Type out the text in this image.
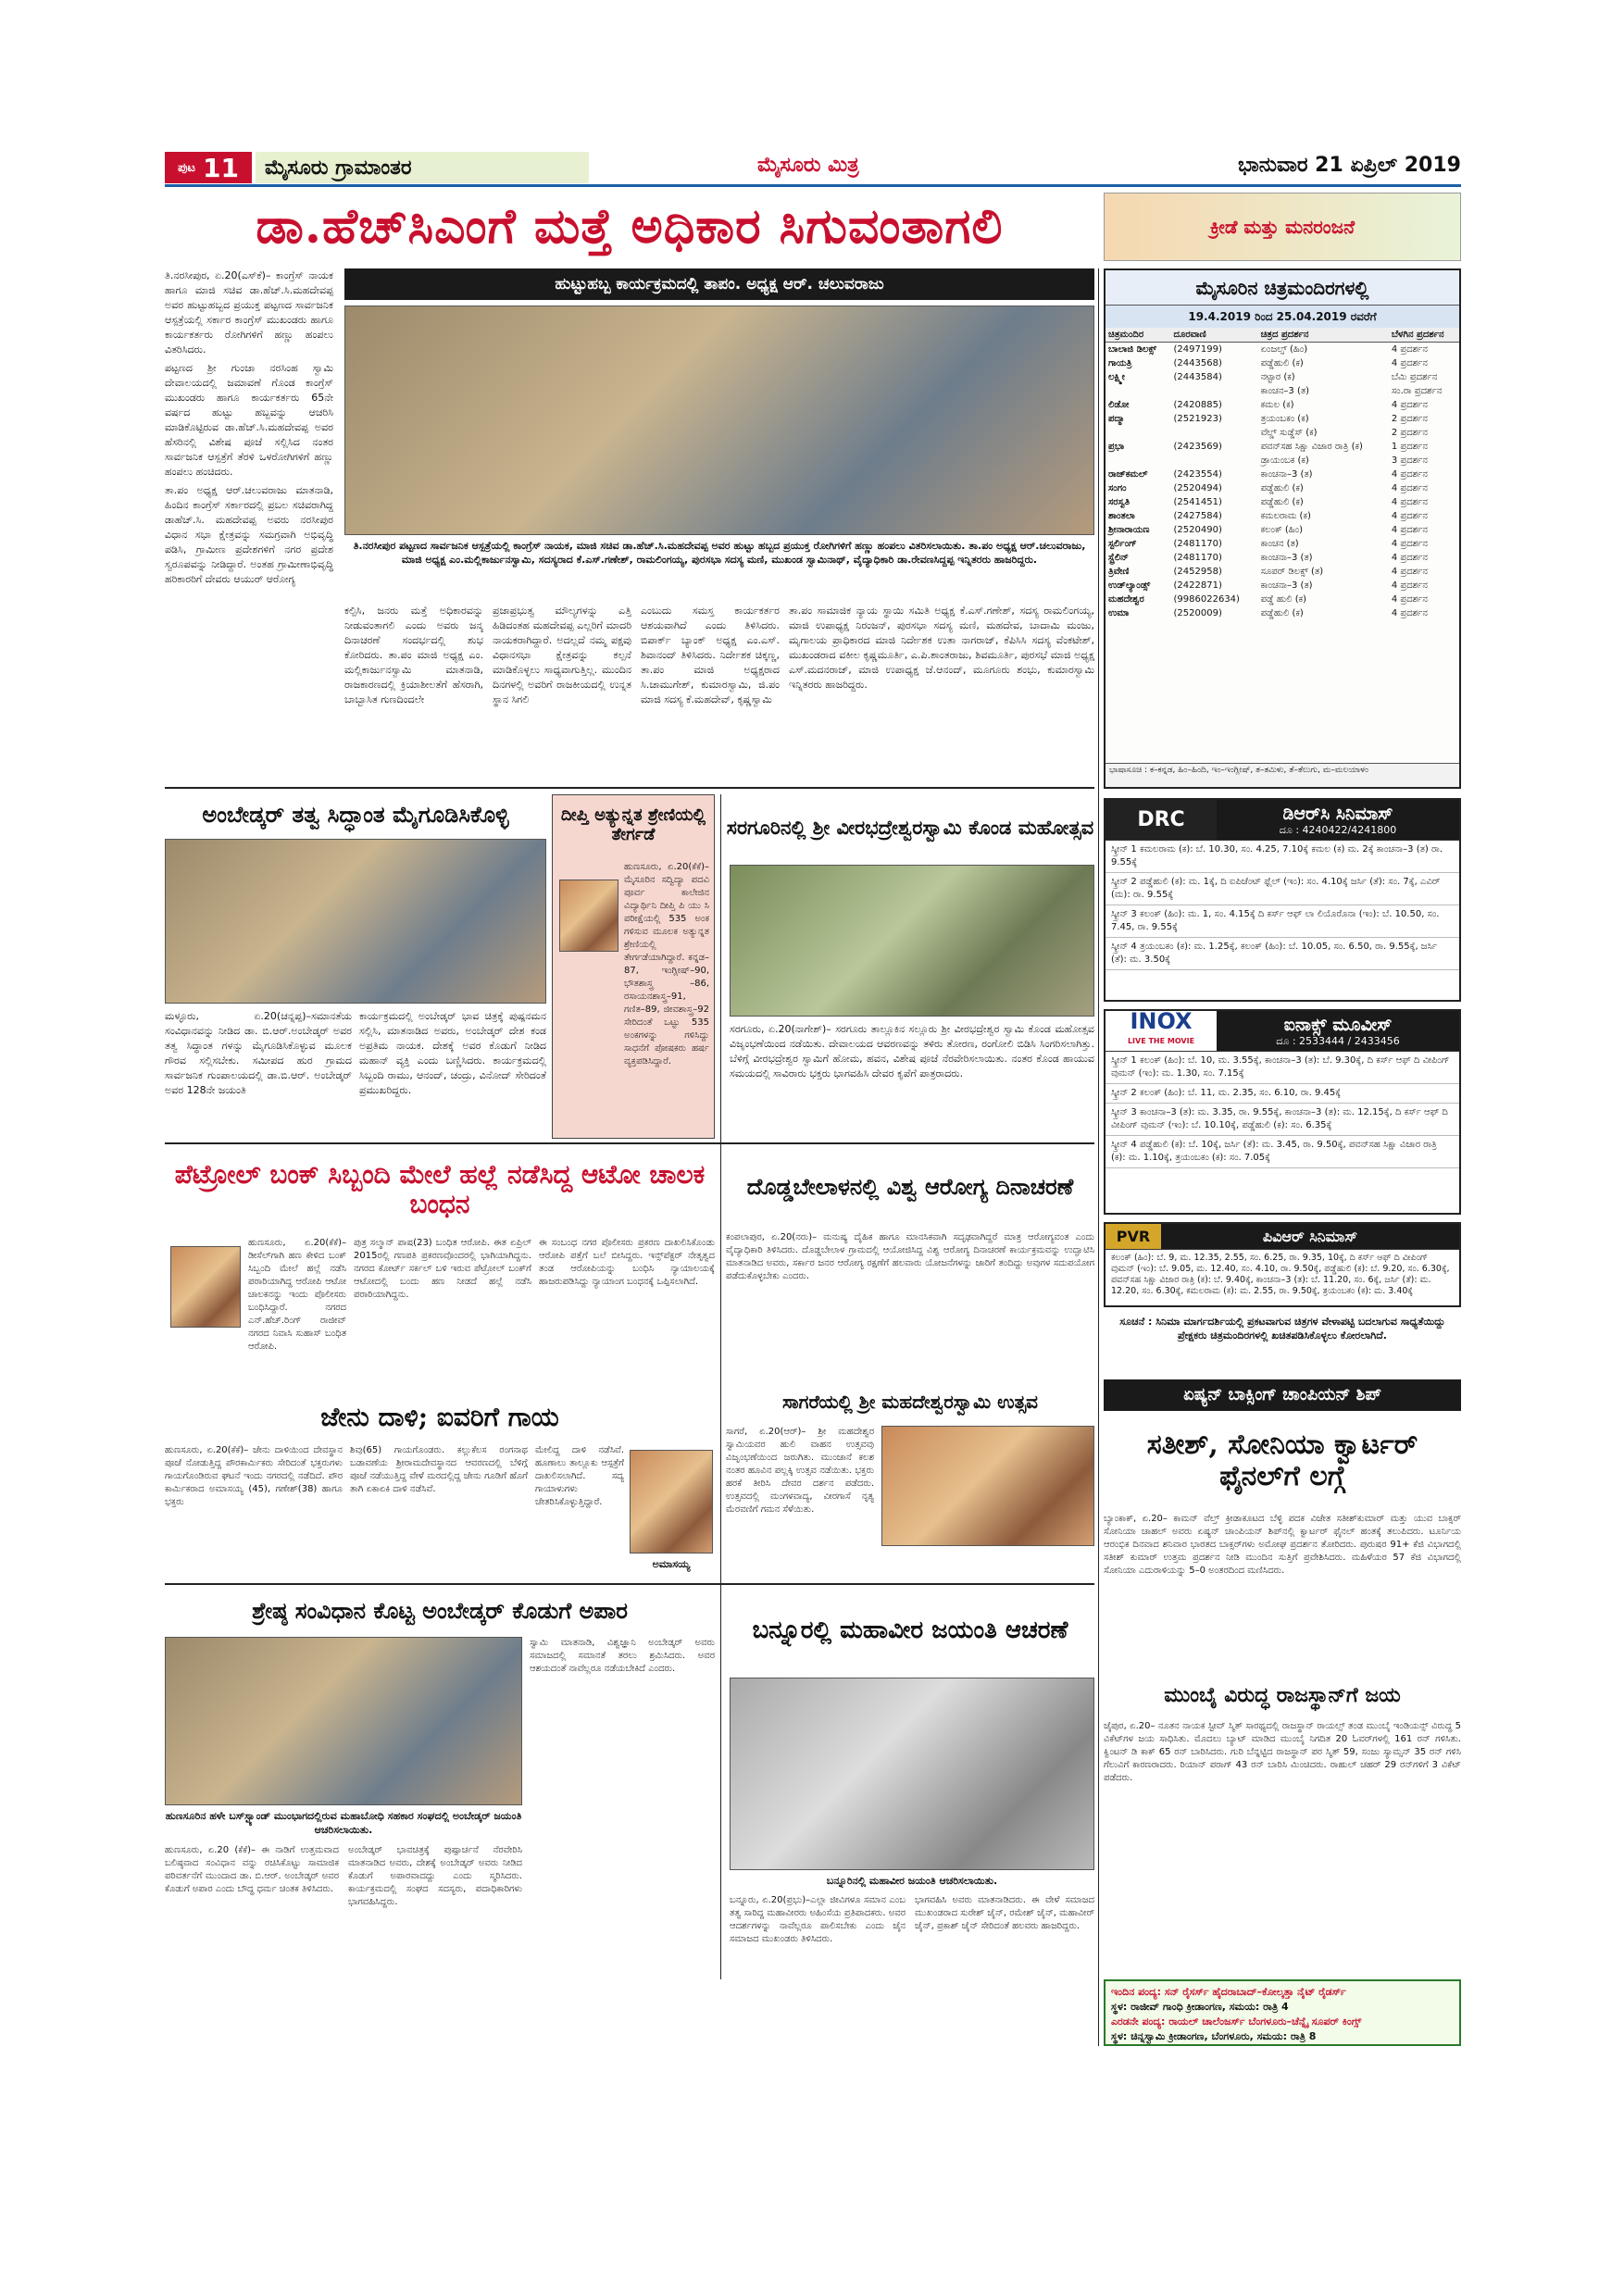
ಪುಟ 11	ಮೈಸೂರು ಗ್ರಾಮಾಂತರ	ಮೈಸೂರು ಮಿತ್ರ	ಭಾನುವಾರ 21 ಏಪ್ರಿಲ್ 2019
ಡಾ.ಹೆಚ್‌ಸಿಎಂಗೆ ಮತ್ತೆ ಅಧಿಕಾರ ಸಿಗುವಂತಾಗಲಿ	ಕ್ರೀಡೆ ಮತ್ತು ಮನರಂಜನೆ

ತಿ.ನರಸೀಪುರ, ಏ.20(ಎಸ್‌ಕೆ)– ಕಾಂಗ್ರೆಸ್ ನಾಯಕ ಹಾಗೂ ಮಾಜಿ ಸಚಿವ ಡಾ.ಹೆಚ್.ಸಿ.ಮಹದೇವಪ್ಪ ಅವರ ಹುಟ್ಟುಹಬ್ಬದ ಪ್ರಯುಕ್ತ ಪಟ್ಟಣದ ಸಾರ್ವಜನಿಕ ಆಸ್ಪತ್ರೆಯಲ್ಲಿ ಸರ್ಕಾರ ಕಾಂಗ್ರೆಸ್ ಮುಖಂಡರು ಹಾಗೂ ಕಾರ್ಯಕರ್ತರು ರೋಗಿಗಳಿಗೆ ಹಣ್ಣು ಹಂಪಲು ವಿತರಿಸಿದರು.

ಪಟ್ಟಣದ ಶ್ರೀ ಗುಂಜಾ ನರಸಿಂಹ ಸ್ವಾಮಿ ದೇವಾಲಯದಲ್ಲಿ ಜಮಾವಣೆ ಗೊಂಡ ಕಾಂಗ್ರೆಸ್ ಮುಖಂಡರು ಹಾಗೂ ಕಾರ್ಯಕರ್ತರು 65ನೇ ವರ್ಷದ ಹುಟ್ಟು ಹಬ್ಬವನ್ನು ಆಚರಿಸಿ ಮಾಡಿಕೊಟ್ಟಿರುವ ಡಾ.ಹೆಚ್.ಸಿ.ಮಹದೇವಪ್ಪ ಅವರ ಹೆಸರಿನಲ್ಲಿ ವಿಶೇಷ ಪೂಜೆ ಸಲ್ಲಿಸಿದ ನಂತರ ಸಾರ್ವಜನಿಕ ಆಸ್ಪತ್ರೆಗೆ ತೆರಳಿ ಒಳರೋಗಿಗಳಿಗೆ ಹಣ್ಣು ಹಂಪಲು ಹಂಚಿದರು.

ತಾ.ಪಂ ಅಧ್ಯಕ್ಷ ಆರ್.ಚಲುವರಾಜು ಮಾತನಾಡಿ, ಹಿಂದಿನ ಕಾಂಗ್ರೆಸ್ ಸರ್ಕಾರದಲ್ಲಿ ಪ್ರಬಲ ಸಚಿವರಾಗಿದ್ದ ಡಾಹೆಚ್.ಸಿ. ಮಹದೇವಪ್ಪ ಅವರು ನರಸೀಪುರ ವಿಧಾನ ಸಭಾ ಕ್ಷೇತ್ರವನ್ನು ಸಮಗ್ರವಾಗಿ ಅಭಿವೃದ್ಧಿ ಪಡಿಸಿ, ಗ್ರಾಮೀಣ ಪ್ರದೇಶಗಳಿಗೆ ನಗರ ಪ್ರದೇಶ ಸ್ವರೂಪವನ್ನು ನೀಡಿದ್ದಾರೆ. ಅಂತಹ ಗ್ರಾಮೀಣಾಭಿವೃದ್ಧಿ ಹರಿಕಾರರಿಗೆ ದೇವರು ಆಯುರ್ ಆರೋಗ್ಯ

ಹುಟ್ಟುಹಬ್ಬ ಕಾರ್ಯಕ್ರಮದಲ್ಲಿ ತಾಪಂ. ಅಧ್ಯಕ್ಷ ಆರ್. ಚಲುವರಾಜು
ತಿ.ನರಸೀಪುರ ಪಟ್ಟಣದ ಸಾರ್ವಜನಿಕ ಆಸ್ಪತ್ರೆಯಲ್ಲಿ ಕಾಂಗ್ರೆಸ್ ನಾಯಕ, ಮಾಜಿ ಸಚಿವ ಡಾ.ಹೆಚ್.ಸಿ.ಮಹದೇವಪ್ಪ ಅವರ ಹುಟ್ಟು ಹಬ್ಬದ ಪ್ರಯುಕ್ತ ರೋಗಿಗಳಿಗೆ ಹಣ್ಣು ಹಂಪಲು ವಿತರಿಸಲಾಯಿತು. ತಾ.ಪಂ ಅಧ್ಯಕ್ಷ ಆರ್.ಚಲುವರಾಜು, ಮಾಜಿ ಅಧ್ಯಕ್ಷ ಎಂ.ಮಲ್ಲಿಕಾರ್ಜುನಸ್ವಾಮಿ, ಸದಸ್ಯರಾದ ಕೆ.ಎಸ್.ಗಣೇಶ್, ರಾಮಲಿಂಗಯ್ಯ, ಪುರಸಭಾ ಸದಸ್ಯ ಮಣಿ, ಮುಖಂಡ ಸ್ವಾಮಿನಾಥ್, ವೈದ್ಯಾಧಿಕಾರಿ ಡಾ.ರೇವಣಸಿದ್ದಪ್ಪ ಇನ್ನಿತರರು ಹಾಜರಿದ್ದರು.
ಕಲ್ಪಿಸಿ, ಜನರು ಮತ್ತೆ ಅಧಿಕಾರವನ್ನು ನೀಡುವಂತಾಗಲಿ ಎಂದು ಅವರು ಜನ್ಮ ದಿನಾಚರಣೆ ಸಂದರ್ಭದಲ್ಲಿ ಶುಭ ಕೋರಿದರು. ತಾ.ಪಂ ಮಾಜಿ ಅಧ್ಯಕ್ಷ ಎಂ. ಮಲ್ಲಿಕಾರ್ಜುನಸ್ವಾಮಿ ಮಾತನಾಡಿ, ರಾಜಕಾರಣದಲ್ಲಿ ಕ್ರಿಯಾಶೀಲತೆಗೆ ಹೆಸರಾಗಿ, ಬಾಬ್ಬಾಸಿತ ಗುಣದಿಂದಲೇ
ಪ್ರಜಾಪ್ರಭುತ್ವ ಮೌಲ್ಯಗಳನ್ನು ಎತ್ತಿ ಹಿಡಿದಂತಹ ಮಹದೇವಪ್ಪ ಎಲ್ಲರಿಗೆ ಮಾದರಿ ನಾಯಕರಾಗಿದ್ದಾರೆ. ಅದಲ್ಲದೆ ನಮ್ಮ ಪಕ್ಷವು ವಿಧಾನಸಭಾ ಕ್ಷೇತ್ರವನ್ನು ಕಲ್ಪನೆ ಮಾಡಿಕೊಳ್ಳಲು ಸಾಧ್ಯವಾಗುತ್ತಿಲ್ಲ. ಮುಂದಿನ ದಿನಗಳಲ್ಲಿ ಅವರಿಗೆ ರಾಜಕೀಯದಲ್ಲಿ ಉನ್ನತ ಸ್ಥಾನ ಸಿಗಲಿ
ಎಂಬುದು ಸಮಸ್ತ ಕಾರ್ಯಕರ್ತರ ಆಶಯವಾಗಿದೆ ಎಂದು ತಿಳಿಸಿದರು. ಬಿಪಾರ್ಕ್ ಬ್ಯಾಂಕ್ ಅಧ್ಯಕ್ಷ ಎಂ.ಎಸ್. ಶಿವಾನಂದ್ ತಿಳಿಸಿದರು. ನಿರ್ದೇಶಕ ಚಿಕ್ಕಣ್ಣ, ತಾ.ಪಂ ಮಾಜಿ ಅಧ್ಯಕ್ಷರಾದ ಸಿ.ಚಾಮುಗೇಶ್, ಕುಮಾರಸ್ವಾಮಿ, ಜಿ.ಪಂ ಮಾಜಿ ಸದಸ್ಯ ಕೆ.ಮಹದೇವ್, ಕೃಷ್ಣಸ್ವಾಮಿ
ತಾ.ಪಂ ಸಾಮಾಜಿಕ ನ್ಯಾಯ ಸ್ಥಾಯಿ ಸಮಿತಿ ಅಧ್ಯಕ್ಷ ಕೆ.ಎಸ್.ಗಣೇಶ್, ಸದಸ್ಯ ರಾಮಲಿಂಗಯ್ಯ, ಮಾಜಿ ಉಪಾಧ್ಯಕ್ಷ ನಿರಂಜನ್, ಪುರಸಭಾ ಸದಸ್ಯ ಮಣಿ, ಮಹದೇವ, ಬಾದಾಮಿ ಮಂಜು, ಮೃಗಾಲಯ ಪ್ರಾಧಿಕಾರದ ಮಾಜಿ ನಿರ್ದೇಶಕ ಉತಾ ನಾಗರಾಜ್, ಕೆಪಿಸಿಸಿ ಸದಸ್ಯ ವೆಂಕಟೇಶ್, ಮುಖಂಡರಾದ ವಕೀಲ ಕೃಷ್ಣಮೂರ್ತಿ, ಎ.ಪಿ.ಶಾಂತರಾಜು, ಶಿವಮೂರ್ತಿ, ಪುರಸಭೆ ಮಾಜಿ ಅಧ್ಯಕ್ಷ ಎಸ್.ಮದನರಾಜ್, ಮಾಜಿ ಉಪಾಧ್ಯಕ್ಷ ಜೆ.ಆನಂದ್, ಮೂಗೂರು ಶಂಭು, ಕುಮಾರಸ್ವಾಮಿ ಇನ್ನಿತರರು ಹಾಜರಿದ್ದರು.
ಮೈಸೂರಿನ ಚಿತ್ರಮಂದಿರಗಳಲ್ಲಿ
19.4.2019 ರಿಂದ 25.04.2019 ರವರೆಗೆ
ಚಿತ್ರಮಂದಿರ	ದೂರವಾಣಿ	ಚಿತ್ರದ ಪ್ರದರ್ಶನ	ಬೆಳಗಿನ ಪ್ರದರ್ಶನ
ಬಾಲಾಜಿ ಡಿಲಕ್ಸ್	(2497199)	ಏಂಜಲ್ಸ್ (ಹಿಂ)	4 ಪ್ರದರ್ಶನ
ಗಾಯತ್ರಿ	(2443568)	ಪಡ್ಡೆಹುಲಿ (ಕ)	4 ಪ್ರದರ್ಶನ
ಲಕ್ಷ್ಮೀ	(2443584)	ನಟ್ಟಾರ (ಕ)	ಬೆಮಿ ಪ್ರದರ್ಶನ
		ಕಾಂಚನ–3 (ತ)	ಸಂ.ರಾ ಪ್ರದರ್ಶನ
ಲಿಡೋ	(2420885)	ಕಮಲ (ಕ)	4 ಪ್ರದರ್ಶನ
ಪದ್ಮಾ	(2521923)	ತ್ರಯಂಬಕಂ (ಕ)	2 ಪ್ರದರ್ಶನ
		ವೆಲ್ಡ್ ಸುಡ್ಡೆಸ್ (ಕ)	2 ಪ್ರದರ್ಶನ
ಪ್ರಭಾ	(2423569)	ಪವನ್‌ಸಹ ಸಿಕ್ಷಾ ವಿಜಾರ ರಾತ್ರಿ (ಕ)	1 ಪ್ರದರ್ಶನ
		ಡ್ರಾಯಂಬಕ (ಕ)	3 ಪ್ರದರ್ಶನ
ರಾಜ್‌ಕಮಲ್	(2423554)	ಕಾಂಚನಾ–3 (ತ)	4 ಪ್ರದರ್ಶನ
ಸಂಗಂ	(2520494)	ಪಡ್ಡೆಹುಲಿ (ಕ)	4 ಪ್ರದರ್ಶನ
ಸರಸ್ವತಿ	(2541451)	ಪಡ್ಡೆಹುಲಿ (ಕ)	4 ಪ್ರದರ್ಶನ
ಶಾಂತಲಾ	(2427584)	ಕಮಲರಾಮ (ಕ)	4 ಪ್ರದರ್ಶನ
ಶ್ರೀನಾರಾಯಣ	(2520490)	ಕಲಂಕ್ (ಹಿಂ)	4 ಪ್ರದರ್ಶನ
ಸ್ಟರ್ಲಿಂಗ್	(2481170)	ಕಾಂಚನ (ತ)	4 ಪ್ರದರ್ಶನ
ಸ್ಟ್ರೆಲಿನ್	(2481170)	ಕಾಂಚನಾ–3 (ತ)	4 ಪ್ರದರ್ಶನ
ತ್ರಿವೇಣಿ	(2452958)	ಸೂಪರ್ ಡಿಲಕ್ಸ್ (ತ)	4 ಪ್ರದರ್ಶನ
ಉಡ್‌ಲ್ಯಾಂಡ್ಸ್	(2422871)	ಕಾಂಚನಾ–3 (ತ)	4 ಪ್ರದರ್ಶನ
ಮಹದೇಶ್ವರ	(9986022634)	ಪಡ್ಡೆ ಹುಲಿ (ಕ)	4 ಪ್ರದರ್ಶನ
ಉಮಾ	(2520009)	ಪಡ್ಡೆಹುಲಿ (ಕ)	4 ಪ್ರದರ್ಶನ
ಭಾಷಾಸೂಚಿ : ಕ–ಕನ್ನಡ, ಹಿಂ–ಹಿಂದಿ, ಇಂ–ಇಂಗ್ಲೀಷ್, ತ–ತಮಿಳು, ತೆ–ತೆಲುಗು, ಮ–ಮಲಯಾಳಂ
ಅಂಬೇಡ್ಕರ್ ತತ್ವ ಸಿದ್ಧಾಂತ ಮೈಗೂಡಿಸಿಕೊಳ್ಳಿ
ಮಳ್ಳೂರು, ಏ.20(ಚನ್ನಪ್ಪ)–ಸಮಾನತೆಯ ಸಂವಿಧಾನವನ್ನು ನೀಡಿದ ಡಾ. ಬಿ.ಆರ್.ಅಂಬೇಡ್ಕರ್ ಅವರ ತತ್ವ ಸಿದ್ಧಾಂತ ಗಳನ್ನು ಮೈಗೂಡಿಸಿಕೊಳ್ಳುವ ಮೂಲಕ ಗೌರವ ಸಲ್ಲಿಸಬೇಕು. ಸಮೀಪದ ಹುರ ಗ್ರಾಮದ ಸಾರ್ವಜನಿಕ ಗುಂಪಾಲಯದಲ್ಲಿ ಡಾ.ಬಿ.ಆರ್. ಅಂಬೇಡ್ಕರ್ ಅವರ 128ನೇ ಜಯಂತಿ
ಕಾರ್ಯಕ್ರಮದಲ್ಲಿ ಅಂಬೇಡ್ಕರ್ ಭಾವ ಚಿತ್ರಕ್ಕೆ ಪುಷ್ಪನಮನ ಸಲ್ಲಿಸಿ, ಮಾತನಾಡಿದ ಅವರು, ಅಂಬೇಡ್ಕರ್ ದೇಶ ಕಂಡ ಅಪ್ರತಿಮ ನಾಯಕ. ದೇಶಕ್ಕೆ ಅವರ ಕೊಡುಗೆ ನೀಡಿದ ಮಹಾನ್ ವ್ಯಕ್ತಿ ಎಂದು ಬಣ್ಣಿಸಿದರು. ಕಾರ್ಯಕ್ರಮದಲ್ಲಿ ಸಿಬ್ಬಂದಿ ರಾಮು, ಆನಂದ್, ಚಂದ್ರು, ವಿನೋದ್ ಸೇರಿದಂತೆ ಪ್ರಮುಖರಿದ್ದರು.
ದೀಪ್ತಿ ಅತ್ಯುನ್ನತ ಶ್ರೇಣಿಯಲ್ಲಿ ತೇರ್ಗಡೆ
ಹುಣಸೂರು, ಏ.20(ಕೆಕೆ)– ಮೈಸೂರಿನ ಸದ್ವಿದ್ಯಾ ಪದವಿ ಪೂರ್ವ ಕಾಲೇಜಿನ ವಿದ್ಯಾರ್ಥಿನಿ ದೀಪ್ತಿ ಪಿ ಯು ಸಿ ಪರೀಕ್ಷೆಯಲ್ಲಿ 535 ಅಂಕ ಗಳಿಸುವ ಮೂಲಕ ಅತ್ಯುನ್ನತ ಶ್ರೇಣಿಯಲ್ಲಿ ತೇರ್ಗಡೆಯಾಗಿದ್ದಾರೆ. ಕನ್ನಡ–87, ಇಂಗ್ಲೀಷ್–90, ಭೌತಶಾಸ್ತ್ರ –86, ರಸಾಯನಶಾಸ್ತ್ರ–91, ಗಣಿತ–89, ಜೀವಶಾಸ್ತ್ರ–92 ಸೇರಿದಂತೆ ಒಟ್ಟು 535 ಅಂಕಗಳನ್ನು ಗಳಿಸಿದ್ದು ಸಾಧನೆಗೆ ಪೋಷಕರು ಹರ್ಷ ವ್ಯಕ್ತಪಡಿಸಿದ್ದಾರೆ.
ಸರಗೂರಿನಲ್ಲಿ ಶ್ರೀ ವೀರಭದ್ರೇಶ್ವರಸ್ವಾಮಿ ಕೊಂಡ ಮಹೋತ್ಸವ
ಸರಗೂರು, ಏ.20(ನಾಗೇಶ್)– ಸರಗೂರು ತಾಲ್ಲೂಕಿನ ಸಲ್ಲೂರು ಶ್ರೀ ವೀರಭದ್ರೇಶ್ವರ ಸ್ವಾಮಿ ಕೊಂಡ ಮಹೋತ್ಸವ ವಿಜೃಂಭಣೆಯಿಂದ ನಡೆಯಿತು. ದೇವಾಲಯದ ಆವರಣವನ್ನು ತಳಿರು ತೋರಣ, ರಂಗೋಲಿ ಬಿಡಿಸಿ ಸಿಂಗರಿಸಲಾಗಿತ್ತು. ಬೆಳಿಗ್ಗೆ ವೀರಭದ್ರೇಶ್ವರ ಸ್ವಾಮಿಗೆ ಹೋಮ, ಹವನ, ವಿಶೇಷ ಪೂಜೆ ನೆರವೇರಿಸಲಾಯಿತು. ನಂತರ ಕೊಂಡ ಹಾಯುವ ಸಮಯದಲ್ಲಿ ಸಾವಿರಾರು ಭಕ್ತರು ಭಾಗವಹಿಸಿ ದೇವರ ಕೃಪೆಗೆ ಪಾತ್ರರಾದರು.
DRC	ಡಿಆರ್‌ಸಿ ಸಿನಿಮಾಸ್
ದೂ : 4240422/4241800
ಸ್ಕ್ರೀನ್ 1 ಕಮಲರಾಮ (ಕ): ಬೆ. 10.30, ಸಂ. 4.25, 7.10ಕ್ಕೆ ಕಮಲ (ಕ) ಮ. 2ಕ್ಕೆ ಕಾಂಚನಾ–3 (ತ) ರಾ. 9.55ಕ್ಕೆ
ಸ್ಕ್ರೀನ್ 2 ಪಡ್ಡೆಹುಲಿ (ಕ): ಮ. 1ಕ್ಕೆ, ದಿ ಐಪಿಜೆಂಟ್ ಫ್ಲೆಲ್ (ಇಂ): ಸಂ. 4.10ಕ್ಕೆ ಜರ್ಸಿ (ತೆ): ಸಂ. 7ಕ್ಕೆ, ಎವಿರ್ (ಮ): ರಾ. 9.55ಕ್ಕೆ
ಸ್ಕ್ರೀನ್ 3 ಕಲಂಕ್ (ಹಿಂ): ಮ. 1, ಸಂ. 4.15ಕ್ಕೆ ದಿ ಕರ್ಸ್ ಆಫ್ ಲಾ ಲಿಯೊರೊನಾ (ಇಂ): ಬೆ. 10.50, ಸಂ. 7.45, ರಾ. 9.55ಕ್ಕೆ
ಸ್ಕ್ರೀನ್ 4 ತ್ರಯಂಬಕಂ (ಕ): ಮ. 1.25ಕ್ಕೆ, ಕಲಂಕ್ (ಹಿಂ): ಬೆ. 10.05, ಸಂ. 6.50, ರಾ. 9.55ಕ್ಕೆ, ಜರ್ಸಿ (ತೆ): ಮ. 3.50ಕ್ಕೆ
INOX
LIVE THE MOVIE
ಐನಾಕ್ಸ್ ಮೂವೀಸ್
ದೂ : 2533444 / 2433456
ಸ್ಕ್ರೀನ್ 1 ಕಲಂಕ್ (ಹಿಂ): ಬೆ. 10, ಮ. 3.55ಕ್ಕೆ, ಕಾಂಚನಾ–3 (ತ): ಬೆ. 9.30ಕ್ಕೆ, ದಿ ಕರ್ಸ್ ಆಫ್ ದಿ ವೀಪಿಂಗ್ ವುಮನ್ (ಇಂ): ಮ. 1.30, ಸಂ. 7.15ಕ್ಕೆ
ಸ್ಕ್ರೀನ್ 2 ಕಲಂಕ್ (ಹಿಂ): ಬೆ. 11, ಮ. 2.35, ಸಂ. 6.10, ರಾ. 9.45ಕ್ಕೆ
ಸ್ಕ್ರೀನ್ 3 ಕಾಂಚನಾ–3 (ತ): ಮ. 3.35, ರಾ. 9.55ಕ್ಕೆ, ಕಾಂಚನಾ–3 (ತ): ಮ. 12.15ಕ್ಕೆ, ದಿ ಕರ್ಸ್ ಆಫ್ ದಿ ವೀಪಿಂಗ್ ವುಮನ್ (ಇಂ): ಬೆ. 10.10ಕ್ಕೆ, ಪಡ್ಡೆಹುಲಿ (ಕ): ಸಂ. 6.35ಕ್ಕೆ
ಸ್ಕ್ರೀನ್ 4 ಪಡ್ಡೆಹುಲಿ (ಕ): ಬೆ. 10ಕ್ಕೆ, ಜರ್ಸಿ (ತೆ): ಮ. 3.45, ರಾ. 9.50ಕ್ಕೆ, ಪವನ್‌ಸಹ ಸಿಕ್ಷಾ ವಿಜಾರ ರಾತ್ರಿ (ಕ): ಮ. 1.10ಕ್ಕೆ, ತ್ರಯಂಬಕಂ (ಕ): ಸಂ. 7.05ಕ್ಕೆ
PVR	ಪಿವಿಆರ್ ಸಿನಿಮಾಸ್
ಕಲಂಕ್ (ಹಿಂ): ಬೆ. 9, ಮ. 12.35, 2.55, ಸಂ. 6.25, ರಾ. 9.35, 10ಕ್ಕೆ, ದಿ ಕರ್ಸ್ ಆಫ್ ದಿ ವೀಪಿಂಗ್ ವುಮನ್ (ಇಂ): ಬೆ. 9.05, ಮ. 12.40, ಸಂ. 4.10, ರಾ. 9.50ಕ್ಕೆ, ಪಡ್ಡೆಹುಲಿ (ಕ): ಬೆ. 9.20, ಸಂ. 6.30ಕ್ಕೆ, ಪವನ್‌ಸಹ ಸಿಕ್ಷಾ ವಿಜಾರ ರಾತ್ರಿ (ಕ): ಬೆ. 9.40ಕ್ಕೆ, ಕಾಂಚನಾ–3 (ತ): ಬೆ. 11.20, ಸಂ. 6ಕ್ಕೆ, ಜರ್ಸಿ (ತೆ): ಮ. 12.20, ಸಂ. 6.30ಕ್ಕೆ, ಕಮಲರಾಮ (ಕ): ಮ. 2.55, ರಾ. 9.50ಕ್ಕೆ, ತ್ರಯಂಬಕಂ (ಕ): ಮ. 3.40ಕ್ಕೆ
ಸೂಚನೆ : ಸಿನಿಮಾ ಮಾರ್ಗದರ್ಶಿಯಲ್ಲಿ ಪ್ರಕಟವಾಗುವ ಚಿತ್ರಗಳ ವೇಳಾಪಟ್ಟಿ ಬದಲಾಗುವ ಸಾಧ್ಯತೆಯಿದ್ದು ಪ್ರೇಕ್ಷಕರು ಚಿತ್ರಮಂದಿರಗಳಲ್ಲಿ ಖಚಿತಪಡಿಸಿಕೊಳ್ಳಲು ಕೋರಲಾಗಿದೆ.
ಪೆಟ್ರೋಲ್ ಬಂಕ್ ಸಿಬ್ಬಂದಿ ಮೇಲೆ ಹಲ್ಲೆ ನಡೆಸಿದ್ದ ಆಟೋ ಚಾಲಕ ಬಂಧನ
ಹುಣಸೂರು, ಏ.20(ಕೆಕೆ)– ಡೀಸೆಲ್‌ಗಾಗಿ ಹಣ ಕೇಳಿದ ಬಂಕ್ ಸಿಬ್ಬಂದಿ ಮೇಲೆ ಹಲ್ಲೆ ನಡೆಸಿ ಪರಾರಿಯಾಗಿದ್ದ ಆರೋಪಿ ಆಟೋ ಚಾಲಕನನ್ನು ಇಂದು ಪೊಲೀಸರು ಬಂಧಿಸಿದ್ದಾರೆ. ನಗರದ ಎನ್.ಹೆಚ್.ರಿಂಗ್ ರಾಜೀವ್ ನಗರದ ನಿವಾಸಿ ಸುಹಾಸ್ ಬಂಧಿತ ಆರೋಪಿ.
ಪುತ್ರ ಸಲ್ಮಾನ್ ಪಾಷ(23) ಬಂಧಿತ ಆರೋಪಿ. ಈತ ಏಪ್ರಿಲ್ 2015ರಲ್ಲಿ ಗಣಪತಿ ಪ್ರಕರಣವೊಂದರಲ್ಲಿ ಭಾಗಿಯಾಗಿದ್ದನು. ನಗರದ ಕೋರ್ಟ್ ಸರ್ಕಲ್ ಬಳಿ ಇರುವ ಪೆಟ್ರೋಲ್ ಬಂಕ್‌ಗೆ ಆಟೋದಲ್ಲಿ ಬಂದು ಹಣ ನೀಡದೆ ಹಲ್ಲೆ ನಡೆಸಿ ಪರಾರಿಯಾಗಿದ್ದನು.
ಈ ಸಂಬಂಧ ನಗರ ಪೊಲೀಸರು ಪ್ರಕರಣ ದಾಖಲಿಸಿಕೊಂಡು ಆರೋಪಿ ಪತ್ತೆಗೆ ಬಲೆ ಬೀಸಿದ್ದರು. ಇನ್ಸ್‌ಪೆಕ್ಟರ್ ನೇತೃತ್ವದ ತಂಡ ಆರೋಪಿಯನ್ನು ಬಂಧಿಸಿ ನ್ಯಾಯಾಲಯಕ್ಕೆ ಹಾಜರುಪಡಿಸಿದ್ದು ನ್ಯಾಯಾಂಗ ಬಂಧನಕ್ಕೆ ಒಪ್ಪಿಸಲಾಗಿದೆ.
ಜೇನು ದಾಳಿ; ಐವರಿಗೆ ಗಾಯ
ಹುಣಸೂರು, ಏ.20(ಕೆಕೆ)– ಜೇನು ದಾಳಿಯಿಂದ ದೇವಸ್ಥಾನ ಪೂಜೆ ನೋಡುತ್ತಿದ್ದ ಪೌರಕಾರ್ಮಿಕರು ಸೇರಿದಂತೆ ಭಕ್ತರುಗಳು ಗಾಯಗೊಂಡಿರುವ ಘಟನೆ ಇಂದು ನಗರದಲ್ಲಿ ನಡೆದಿದೆ. ಪೌರ ಕಾರ್ಮಿಕರಾದ ಅಮಾಸಯ್ಯ (45), ಗಣೇಶ್(38) ಹಾಗೂ ಭಕ್ತರು
ಶಿವು(65) ಗಾಯಗೊಂಡರು. ಕಲ್ಲುಕೆಲಸ ರಂಗನಾಥ ಬಡಾವಣೆಯ ಶ್ರೀರಾಮದೇವಸ್ಥಾನದ ಆವರಣದಲ್ಲಿ ಬೆಳಿಗ್ಗೆ ಪೂಜೆ ನಡೆಯುತ್ತಿದ್ದ ವೇಳೆ ಮರದಲ್ಲಿದ್ದ ಜೇನು ಗೂಡಿಗೆ ಹೊಗೆ ತಾಗಿ ಏಕಾಏಕಿ ದಾಳಿ ನಡೆಸಿವೆ.
ಮೇಲಿದ್ದ ದಾಳಿ ನಡೆಸಿವೆ. ಹೂಣಾಲು ತಾಲ್ಲೂಕು ಆಸ್ಪತ್ರೆಗೆ ದಾಖಲಿಸಲಾಗಿದೆ. ಸದ್ಯ ಗಾಯಾಳುಗಳು ಚೇತರಿಸಿಕೊಳ್ಳುತ್ತಿದ್ದಾರೆ.
ಅಮಾಸಯ್ಯ
ಶ್ರೇಷ್ಠ ಸಂವಿಧಾನ ಕೊಟ್ಟ ಅಂಬೇಡ್ಕರ್ ಕೊಡುಗೆ ಅಪಾರ
ಹುಣಸೂರಿನ ಹಳೇ ಬಸ್‌ಸ್ಟ್ಯಾಂಡ್ ಮುಂಭಾಗದಲ್ಲಿರುವ ಮಹಾಬೋಧಿ ಸಹಕಾರ ಸಂಘದಲ್ಲಿ ಅಂಬೇಡ್ಕರ್ ಜಯಂತಿ ಆಚರಿಸಲಾಯಿತು.
ಸ್ವಾಮಿ ಮಾತನಾಡಿ, ವಿಶ್ವಜ್ಞಾನಿ ಅಂಬೇಡ್ಕರ್ ಅವರು ಸಮಾಜದಲ್ಲಿ ಸಮಾನತೆ ತರಲು ಶ್ರಮಿಸಿದರು. ಅವರ ಆಶಯದಂತೆ ನಾವೆಲ್ಲರೂ ನಡೆಯಬೇಕಿದೆ ಎಂದರು.
ಹುಣಸೂರು, ಏ.20 (ಕೆಕೆ)– ಈ ನಾಡಿಗೆ ಉತ್ತಮವಾದ ಬಲಿಷ್ಠವಾದ ಸಂವಿಧಾನ ವನ್ನು ರಚಿಸಿಕೊಟ್ಟು ಸಾಮಾಜಿಕ ಪರಿವರ್ತನೆಗೆ ಮುಂದಾದ ಡಾ. ಬಿ.ಆರ್. ಅಂಬೇಡ್ಕರ್ ಅವರ ಕೊಡುಗೆ ಅಪಾರ ಎಂದು ಬೌದ್ಧ ಧರ್ಮ ಚಿಂತಕ ತಿಳಿಸಿದರು.
ಅಂಬೇಡ್ಕರ್ ಭಾವಚಿತ್ರಕ್ಕೆ ಪುಷ್ಪಾರ್ಚನೆ ನೆರವೇರಿಸಿ ಮಾತನಾಡಿದ ಅವರು, ದೇಶಕ್ಕೆ ಅಂಬೇಡ್ಕರ್ ಅವರು ನೀಡಿದ ಕೊಡುಗೆ ಅಪಾರವಾದದ್ದು ಎಂದು ಸ್ಮರಿಸಿದರು. ಕಾರ್ಯಕ್ರಮದಲ್ಲಿ ಸಂಘದ ಸದಸ್ಯರು, ಪದಾಧಿಕಾರಿಗಳು ಭಾಗವಹಿಸಿದ್ದರು.
ದೊಡ್ಡಬೇಲಾಳನಲ್ಲಿ ವಿಶ್ವ ಆರೋಗ್ಯ ದಿನಾಚರಣೆ
ಕಂಪಲಾಪುರ, ಏ.20(ನರು)– ಮನುಷ್ಯ ದೈಹಿಕ ಹಾಗೂ ಮಾನಸಿಕವಾಗಿ ಸದೃಢವಾಗಿದ್ದರೆ ಮಾತ್ರ ಆರೋಗ್ಯವಂತ ಎಂದು ವೈದ್ಯಾಧಿಕಾರಿ ತಿಳಿಸಿದರು. ದೊಡ್ಡಬೇಲಾಳ ಗ್ರಾಮದಲ್ಲಿ ಆಯೋಜಿಸಿದ್ದ ವಿಶ್ವ ಆರೋಗ್ಯ ದಿನಾಚರಣೆ ಕಾರ್ಯಕ್ರಮವನ್ನು ಉದ್ಘಾಟಿಸಿ ಮಾತನಾಡಿದ ಅವರು, ಸರ್ಕಾರ ಜನರ ಆರೋಗ್ಯ ರಕ್ಷಣೆಗೆ ಹಲವಾರು ಯೋಜನೆಗಳನ್ನು ಜಾರಿಗೆ ತಂದಿದ್ದು ಅವುಗಳ ಸದುಪಯೋಗ ಪಡೆದುಕೊಳ್ಳಬೇಕು ಎಂದರು.
ಸಾಗರೆಯಲ್ಲಿ ಶ್ರೀ ಮಹದೇಶ್ವರಸ್ವಾಮಿ ಉತ್ಸವ
ಸಾಗರೆ, ಏ.20(ಆರ್)– ಶ್ರೀ ಮಹದೇಶ್ವರ ಸ್ವಾಮಿಯವರ ಹುಲಿ ವಾಹನ ಉತ್ಸವವು ವಿಜೃಂಭಣೆಯಿಂದ ಜರುಗಿತು. ಮುಂಜಾನೆ ಕಲಶ ನಂತರ ಹೂವಿನ ಪಲ್ಲಕ್ಕಿ ಉತ್ಸವ ನಡೆಯಿತು. ಭಕ್ತರು ಹರಕೆ ತೀರಿಸಿ ದೇವರ ದರ್ಶನ ಪಡೆದರು. ಉತ್ಸವದಲ್ಲಿ ಮಂಗಳವಾದ್ಯ, ವೀರಗಾಸೆ ನೃತ್ಯ ಮೆರವಣಿಗೆ ಗಮನ ಸೆಳೆಯಿತು.
ಬನ್ನೂರಲ್ಲಿ ಮಹಾವೀರ ಜಯಂತಿ ಆಚರಣೆ
ಬನ್ನೂರಿನಲ್ಲಿ ಮಹಾವೀರ ಜಯಂತಿ ಆಚರಿಸಲಾಯಿತು.
ಬನ್ನೂರು, ಏ.20(ಪ್ರಭು)–ಎಲ್ಲಾ ಜೀವಿಗಳೂ ಸಮಾನ ಎಂಬ ತತ್ವ ಸಾರಿದ್ದ ಮಹಾವೀರರು ಅಹಿಂಸೆಯ ಪ್ರತಿಪಾದಕರು. ಅವರ ಆದರ್ಶಗಳನ್ನು ನಾವೆಲ್ಲರೂ ಪಾಲಿಸಬೇಕು ಎಂದು ಜೈನ ಸಮಾಜದ ಮುಖಂಡರು ತಿಳಿಸಿದರು.
ಭಾಗವಹಿಸಿ ಅವರು ಮಾತನಾಡಿದರು. ಈ ವೇಳೆ ಸಮಾಜದ ಮುಖಂಡರಾದ ಸುರೇಶ್ ಜೈನ್, ರಮೇಶ್ ಜೈನ್, ಮಹಾವೀರ್ ಜೈನ್, ಪ್ರಕಾಶ್ ಜೈನ್ ಸೇರಿದಂತೆ ಹಲವರು ಹಾಜರಿದ್ದರು.
ಏಷ್ಯನ್ ಬಾಕ್ಸಿಂಗ್ ಚಾಂಪಿಯನ್ ಶಿಪ್
ಸತೀಶ್, ಸೋನಿಯಾ ಕ್ವಾರ್ಟರ್ ಫೈನಲ್‌ಗೆ ಲಗ್ಗೆ
ಬ್ಯಾಂಕಾಕ್, ಏ.20– ಕಾಮನ್ ವೆಲ್ತ್ ಕ್ರೀಡಾಕೂಟದ ಬೆಳ್ಳಿ ಪದಕ ವಿಜೇತ ಸತೀಶ್‌ಕುಮಾರ್ ಮತ್ತು ಯುವ ಬಾಕ್ಸರ್ ಸೋನಿಯಾ ಚಾಹಲ್ ಅವರು ಏಷ್ಯನ್ ಚಾಂಪಿಯನ್ ಶಿಪ್‌ನಲ್ಲಿ ಕ್ವಾರ್ಟರ್ ಫೈನಲ್ ಹಂತಕ್ಕೆ ತಲುಪಿದರು. ಟೂರ್ನಿಯ ಆರಂಭಿಕ ದಿನವಾದ ಶನಿವಾರ ಭಾರತದ ಬಾಕ್ಸರ್‌ಗಳು ಅಮೋಘ ಪ್ರದರ್ಶನ ತೋರಿದರು. ಪುರುಷರ 91+ ಕೆಜಿ ವಿಭಾಗದಲ್ಲಿ ಸತೀಶ್ ಕುಮಾರ್ ಉತ್ತಮ ಪ್ರದರ್ಶನ ನೀಡಿ ಮುಂದಿನ ಸುತ್ತಿಗೆ ಪ್ರವೇಶಿಸಿದರು. ಮಹಿಳೆಯರ 57 ಕೆಜಿ ವಿಭಾಗದಲ್ಲಿ ಸೋನಿಯಾ ಎದುರಾಳಿಯನ್ನು 5–0 ಅಂತರದಿಂದ ಮಣಿಸಿದರು.
ಮುಂಬೈ ವಿರುದ್ಧ ರಾಜಸ್ಥಾನ್‌ಗೆ ಜಯ
ಜೈಪುರ, ಏ.20– ನೂತನ ನಾಯಕ ಸ್ಟೀವ್ ಸ್ಮಿತ್ ಸಾರಥ್ಯದಲ್ಲಿ ರಾಜಸ್ಥಾನ್ ರಾಯಲ್ಸ್ ತಂಡ ಮುಂಬೈ ಇಂಡಿಯನ್ಸ್ ವಿರುದ್ಧ 5 ವಿಕೆಟ್‌ಗಳ ಜಯ ಸಾಧಿಸಿತು. ಮೊದಲು ಬ್ಯಾಟ್ ಮಾಡಿದ ಮುಂಬೈ ನಿಗದಿತ 20 ಓವರ್‌ಗಳಲ್ಲಿ 161 ರನ್ ಗಳಿಸಿತು. ಕ್ವಿಂಟನ್ ಡಿ ಕಾಕ್ 65 ರನ್ ಬಾರಿಸಿದರು. ಗುರಿ ಬೆನ್ನಟ್ಟಿದ ರಾಜಸ್ಥಾನ್ ಪರ ಸ್ಮಿತ್ 59, ಸಂಜು ಸ್ಯಾಮ್ಸನ್ 35 ರನ್ ಗಳಿಸಿ ಗೆಲುವಿಗೆ ಕಾರಣರಾದರು. ರಿಯಾನ್ ಪರಾಗ್ 43 ರನ್ ಬಾರಿಸಿ ಮಿಂಚಿದರು. ರಾಹುಲ್ ಚಹರ್ 29 ರನ್‌ಗಳಿಗೆ 3 ವಿಕೆಟ್ ಪಡೆದರು.
ಇಂದಿನ ಪಂದ್ಯ: ಸನ್ ರೈಸರ್ಸ್ ಹೈದರಾಬಾದ್–ಕೋಲ್ಕತ್ತಾ ನೈಟ್ ರೈಡರ್ಸ್
ಸ್ಥಳ: ರಾಜೀವ್ ಗಾಂಧಿ ಕ್ರೀಡಾಂಗಣ, ಸಮಯ: ರಾತ್ರಿ 4
ಎರಡನೇ ಪಂದ್ಯ: ರಾಯಲ್ ಚಾಲೆಂಜರ್ಸ್ ಬೆಂಗಳೂರು–ಚೆನ್ನೈ ಸೂಪರ್ ಕಿಂಗ್ಸ್
ಸ್ಥಳ: ಚಿನ್ನಸ್ವಾಮಿ ಕ್ರೀಡಾಂಗಣ, ಬೆಂಗಳೂರು, ಸಮಯ: ರಾತ್ರಿ 8
